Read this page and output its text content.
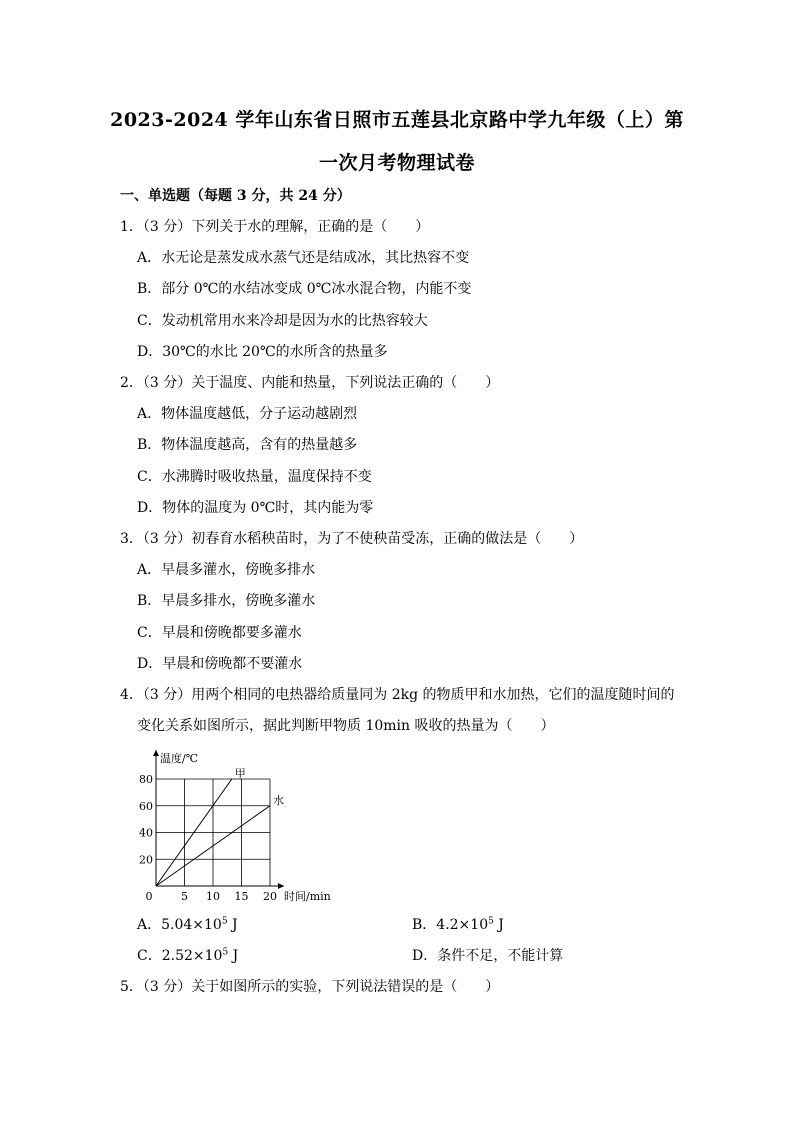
2023-2024 学年山东省日照市五莲县北京路中学九年级（上）第
一次月考物理试卷
一、单选题（每题 3 分，共 24 分）
1．（3 分）下列关于水的理解，正确的是（　　）
A．水无论是蒸发成水蒸气还是结成冰，其比热容不变
B．部分 0℃的水结冰变成 0℃冰水混合物，内能不变
C．发动机常用水来冷却是因为水的比热容较大
D．30℃的水比 20℃的水所含的热量多
2．（3 分）关于温度、内能和热量，下列说法正确的（　　）
A．物体温度越低，分子运动越剧烈
B．物体温度越高，含有的热量越多
C．水沸腾时吸收热量，温度保持不变
D．物体的温度为 0℃时，其内能为零
3．（3 分）初春育水稻秧苗时，为了不使秧苗受冻，正确的做法是（　　）
A．早晨多灌水，傍晚多排水
B．早晨多排水，傍晚多灌水
C．早晨和傍晚都要多灌水
D．早晨和傍晚都不要灌水
4．（3 分）用两个相同的电热器给质量同为 2kg 的物质甲和水加热，它们的温度随时间的
变化关系如图所示，据此判断甲物质 10min 吸收的热量为（　　）
0	5 10 15 20
20
40
60
80
温度/℃
时间/min
甲
水
A．$5.04\times 10^5$ J	B．$4.2\times 10^5$ J
C．$2.52\times 10^5$ J	D．条件不足，不能计算
5．（3 分）关于如图所示的实验，下列说法错误的是（　　）
